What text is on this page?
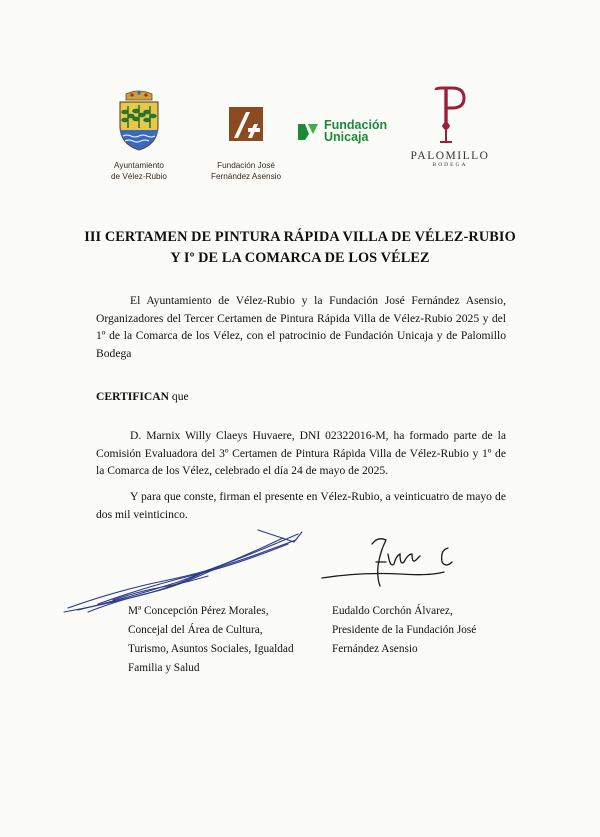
Ayuntamiento
de Vélez-Rubio
Fundación José
Fernández Asensio
Fundación
Unicaja
PALOMILLO
BODEGA
III CERTAMEN DE PINTURA RÁPIDA VILLA DE VÉLEZ-RUBIO
Y Iº DE LA COMARCA DE LOS VÉLEZ
El Ayuntamiento de Vélez-Rubio y la Fundación José Fernández Asensio, Organizadores del Tercer Certamen de Pintura Rápida Villa de Vélez-Rubio 2025 y del 1º de la Comarca de los Vélez, con el patrocinio de Fundación Unicaja y de Palomillo Bodega
CERTIFICAN que
D. Marnix Willy Claeys Huvaere, DNI 02322016-M, ha formado parte de la Comisión Evaluadora del 3º Certamen de Pintura Rápida Villa de Vélez-Rubio y 1º de la Comarca de los Vélez, celebrado el día 24 de mayo de 2025.
Y para que conste, firman el presente en Vélez-Rubio, a veinticuatro de mayo de dos mil veinticinco.
Mª Concepción Pérez Morales,
Concejal del Área de Cultura,
Turismo, Asuntos Sociales, Igualdad
Familia y Salud
Eudaldo Corchón Álvarez,
Presidente de la Fundación José
Fernández Asensio
